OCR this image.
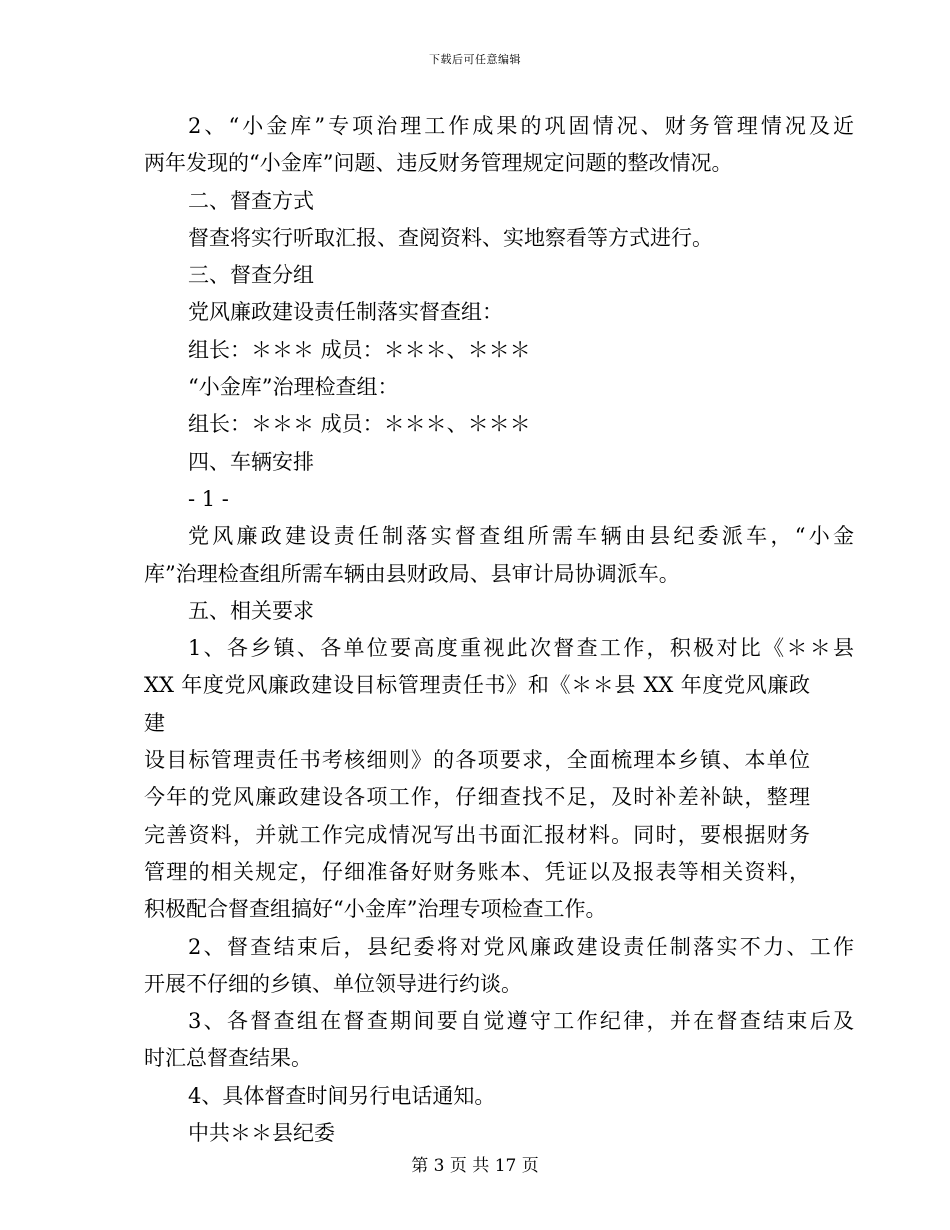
下载后可任意编辑

2、“小金库”专项治理工作成果的巩固情况、财务管理情况及近

两年发现的“小金库”问题、违反财务管理规定问题的整改情况。

二、督查方式

督查将实行听取汇报、查阅资料、实地察看等方式进行。

三、督查分组

党风廉政建设责任制落实督查组：

组长：＊＊＊ 成员：＊＊＊、＊＊＊

“小金库”治理检查组：

组长：＊＊＊ 成员：＊＊＊、＊＊＊

四、车辆安排

- 1 -

党风廉政建设责任制落实督查组所需车辆由县纪委派车，“小金

库”治理检查组所需车辆由县财政局、县审计局协调派车。

五、相关要求

1、各乡镇、各单位要高度重视此次督查工作，积极对比《＊＊县

XX 年度党风廉政建设目标管理责任书》和《＊＊县 XX 年度党风廉政建

设目标管理责任书考核细则》的各项要求，全面梳理本乡镇、本单位

今年的党风廉政建设各项工作，仔细查找不足，及时补差补缺，整理

完善资料，并就工作完成情况写出书面汇报材料。同时，要根据财务

管理的相关规定，仔细准备好财务账本、凭证以及报表等相关资料，

积极配合督查组搞好“小金库”治理专项检查工作。

2、督查结束后，县纪委将对党风廉政建设责任制落实不力、工作

开展不仔细的乡镇、单位领导进行约谈。

3、各督查组在督查期间要自觉遵守工作纪律，并在督查结束后及

时汇总督查结果。

4、具体督查时间另行电话通知。

中共＊＊县纪委

第 3 页 共 17 页
